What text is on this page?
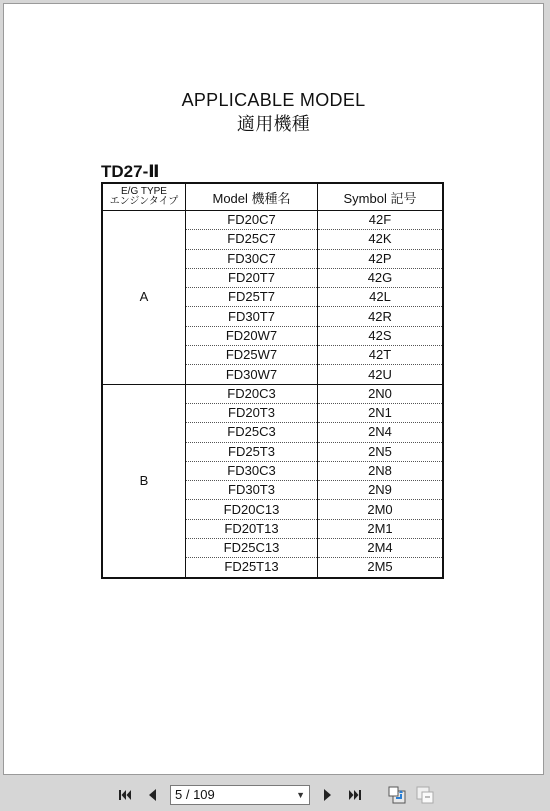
APPLICABLE MODEL
適用機種
TD27-Ⅱ
E/G TYPE
エンジンタイプ	Model 機種名	Symbol 記号
A	FD20C7	42F
	FD25C7	42K
	FD30C7	42P
	FD20T7	42G
	FD25T7	42L
	FD30T7	42R
	FD20W7	42S
	FD25W7	42T
	FD30W7	42U
B	FD20C3	2N0
	FD20T3	2N1
	FD25C3	2N4
	FD25T3	2N5
	FD30C3	2N8
	FD30T3	2N9
	FD20C13	2M0
	FD20T13	2M1
	FD25C13	2M4
	FD25T13	2M5
5 / 109	▼
